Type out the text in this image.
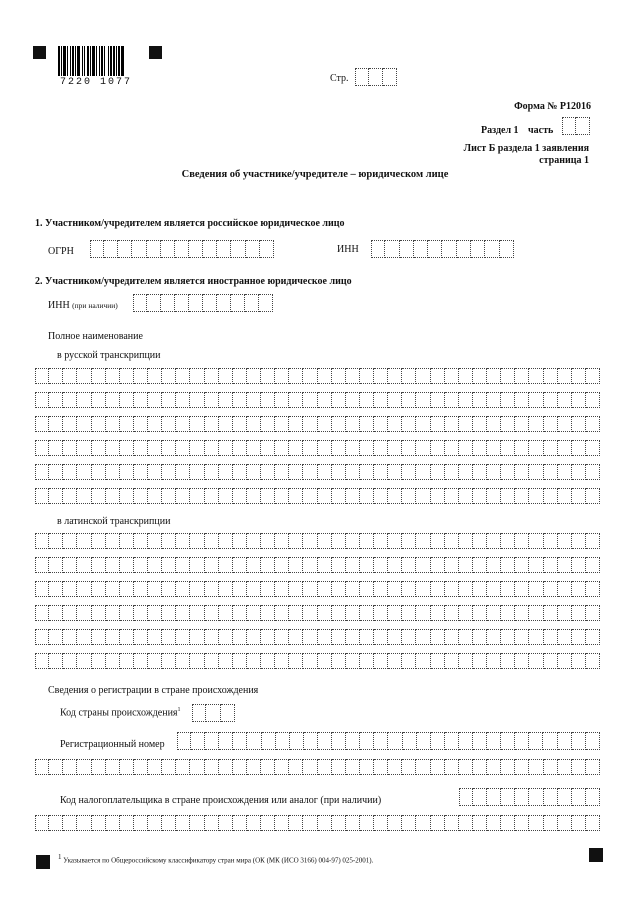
7220 1077	Стр.
Форма № Р12016
Раздел 1 часть
Лист Б раздела 1 заявления
страница 1
Сведения об участнике/учредителе – юридическом лице
1. Участником/учредителем является российское юридическое лицо
ОГРН	ИНН
2. Участником/учредителем является иностранное юридическое лицо
ИНН (при наличии)
Полное наименование
в русской транскрипции
в латинской транскрипции
Сведения о регистрации в стране происхождения
Код страны происхождения$^1$
Регистрационный номер
Код налогоплательщика в стране происхождения или аналог (при наличии)
1 Указывается по Общероссийскому классификатору стран мира (ОК (МК (ИСО 3166) 004-97) 025-2001).
